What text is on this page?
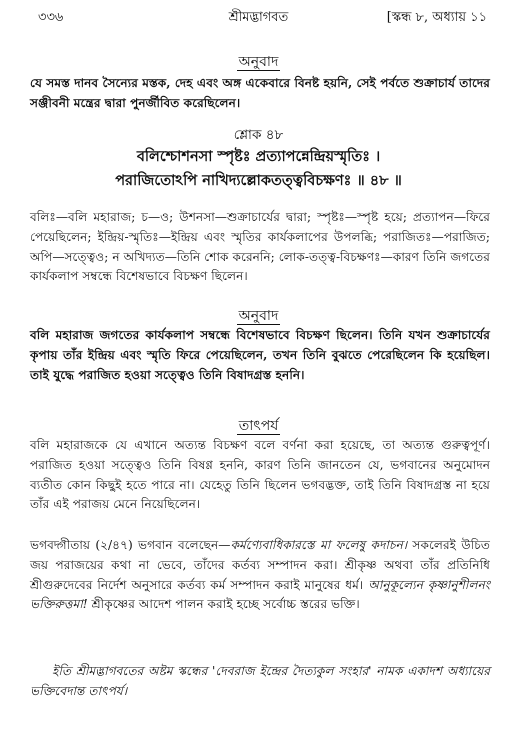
৩৩৬	শ্রীমদ্ভাগবত	[স্কন্ধ ৮, অধ্যায় ১১
অনুবাদ

যে সমস্ত দানব সৈন্যের মস্তক, দেহ এবং অঙ্গ একেবারে বিনষ্ট হয়নি, সেই পর্বতে শুক্রাচার্য তাদের সঞ্জীবনী মন্ত্রের দ্বারা পুনর্জীবিত করেছিলেন।

শ্লোক ৪৮

বলিশ্চোশনসা স্পৃষ্টঃ প্রত্যাপন্নেন্দ্রিয়স্মৃতিঃ ।

পরাজিতোঽপি নাখিদ্যল্লোকতত্ত্ববিচক্ষণঃ ॥ ৪৮ ॥

বলিঃ—বলি মহারাজ; চ—ও; উশনসা—শুক্রাচার্যের দ্বারা; স্পৃষ্টঃ—স্পৃষ্ট হয়ে; প্রত্যাপন—ফিরে পেয়েছিলেন; ইন্দ্রিয়-স্মৃতিঃ—ইন্দ্রিয় এবং স্মৃতির কার্যকলাপের উপলব্ধি; পরাজিতঃ—পরাজিত; অপি—সত্ত্বেও; ন অখিদ্যত—তিনি শোক করেননি; লোক-তত্ত্ব-বিচক্ষণঃ—কারণ তিনি জগতের কার্যকলাপ সম্বন্ধে বিশেষভাবে বিচক্ষণ ছিলেন।

অনুবাদ

বলি মহারাজ জগতের কার্যকলাপ সম্বন্ধে বিশেষভাবে বিচক্ষণ ছিলেন। তিনি যখন শুক্রাচার্যের কৃপায় তাঁর ইন্দ্রিয় এবং স্মৃতি ফিরে পেয়েছিলেন, তখন তিনি বুঝতে পেরেছিলেন কি হয়েছিল। তাই যুদ্ধে পরাজিত হওয়া সত্ত্বেও তিনি বিষাদগ্রস্ত হননি।

তাৎপর্য

বলি মহারাজকে যে এখানে অত্যন্ত বিচক্ষণ বলে বর্ণনা করা হয়েছে, তা অত্যন্ত গুরুত্বপূর্ণ। পরাজিত হওয়া সত্ত্বেও তিনি বিষণ্ণ হননি, কারণ তিনি জানতেন যে, ভগবানের অনুমোদন ব্যতীত কোন কিছুই হতে পারে না। যেহেতু তিনি ছিলেন ভগবদ্ভক্ত, তাই তিনি বিষাদগ্রস্ত না হয়ে তাঁর এই পরাজয় মেনে নিয়েছিলেন।

ভগবদ্গীতায় (২/৪৭) ভগবান বলেছেন—কর্মণ্যেবাধিকারস্তে মা ফলেষু কদাচন। সকলেরই উচিত জয় পরাজয়ের কথা না ভেবে, তাঁদের কর্তব্য সম্পাদন করা। শ্রীকৃষ্ণ অথবা তাঁর প্রতিনিধি শ্রীগুরুদেবের নির্দেশ অনুসারে কর্তব্য কর্ম সম্পাদন করাই মানুষের ধর্ম। আনুকূল্যেন কৃষ্ণানুশীলনং ভক্তিরুত্তমা! শ্রীকৃষ্ণের আদেশ পালন করাই হচ্ছে সর্বোচ্চ স্তরের ভক্তি।

ইতি শ্রীমদ্ভাগবতের অষ্টম স্কন্ধের 'দেবরাজ ইন্দ্রের দৈত্যকুল সংহার' নামক একাদশ অধ্যায়ের ভক্তিবেদান্ত তাৎপর্য।
